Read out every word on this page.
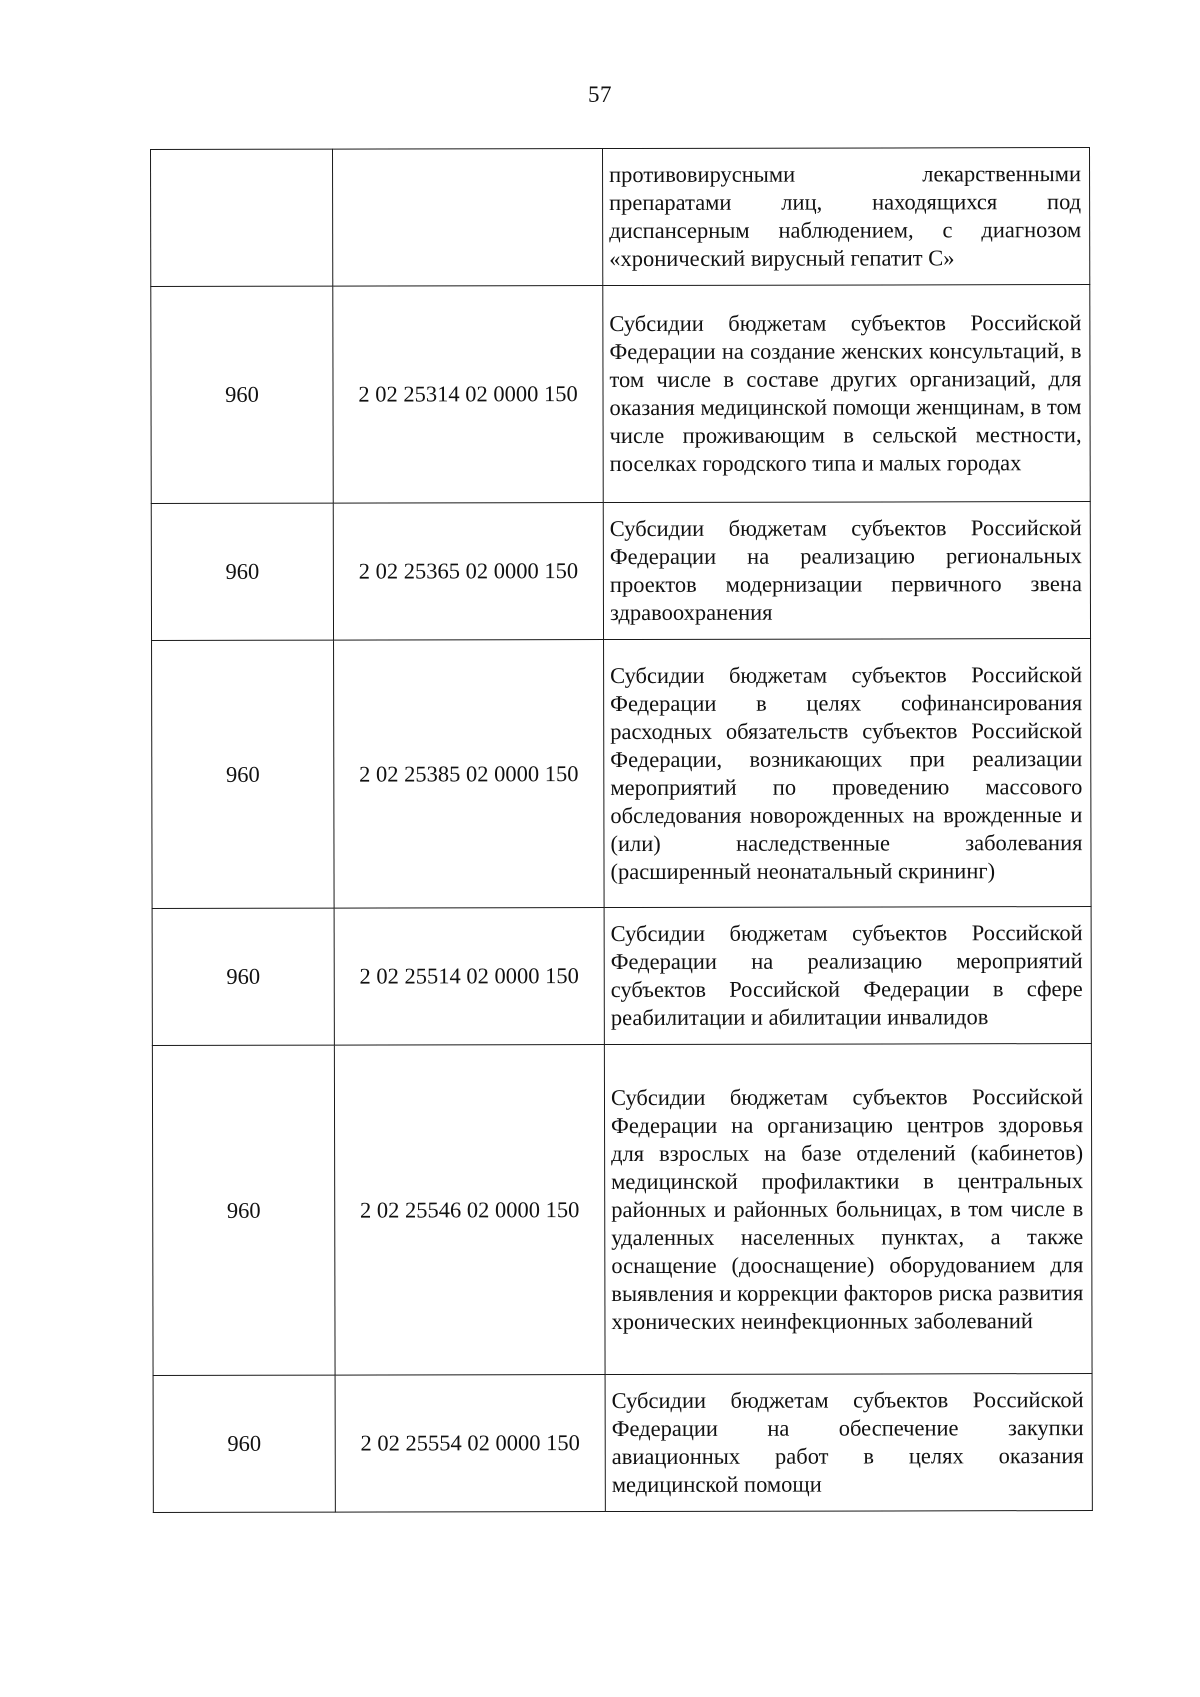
57
		противовирусными лекарственными препаратами лиц, находящихся под диспансерным наблюдением, с диагнозом «хронический вирусный гепатит С»
960	2 02 25314 02 0000 150	Субсидии бюджетам субъектов Российской Федерации на создание женских консультаций, в том числе в составе других организаций, для оказания медицинской помощи женщинам, в том числе проживающим в сельской местности, поселках городского типа и малых городах
960	2 02 25365 02 0000 150	Субсидии бюджетам субъектов Российской Федерации на реализацию региональных проектов модернизации первичного звена здравоохранения
960	2 02 25385 02 0000 150	Субсидии бюджетам субъектов Российской Федерации в целях софинансирования расходных обязательств субъектов Российской Федерации, возникающих при реализации мероприятий по проведению массового обследования новорожденных на врожденные и (или) наследственные заболевания (расширенный неонатальный скрининг)
960	2 02 25514 02 0000 150	Субсидии бюджетам субъектов Российской Федерации на реализацию мероприятий субъектов Российской Федерации в сфере реабилитации и абилитации инвалидов
960	2 02 25546 02 0000 150	Субсидии бюджетам субъектов Российской Федерации на организацию центров здоровья для взрослых на базе отделений (кабинетов) медицинской профилактики в центральных районных и районных больницах, в том числе в удаленных населенных пунктах, а также оснащение (дооснащение) оборудованием для выявления и коррекции факторов риска развития хронических неинфекционных заболеваний
960	2 02 25554 02 0000 150	Субсидии бюджетам субъектов Российской Федерации на обеспечение закупки авиационных работ в целях оказания медицинской помощи
